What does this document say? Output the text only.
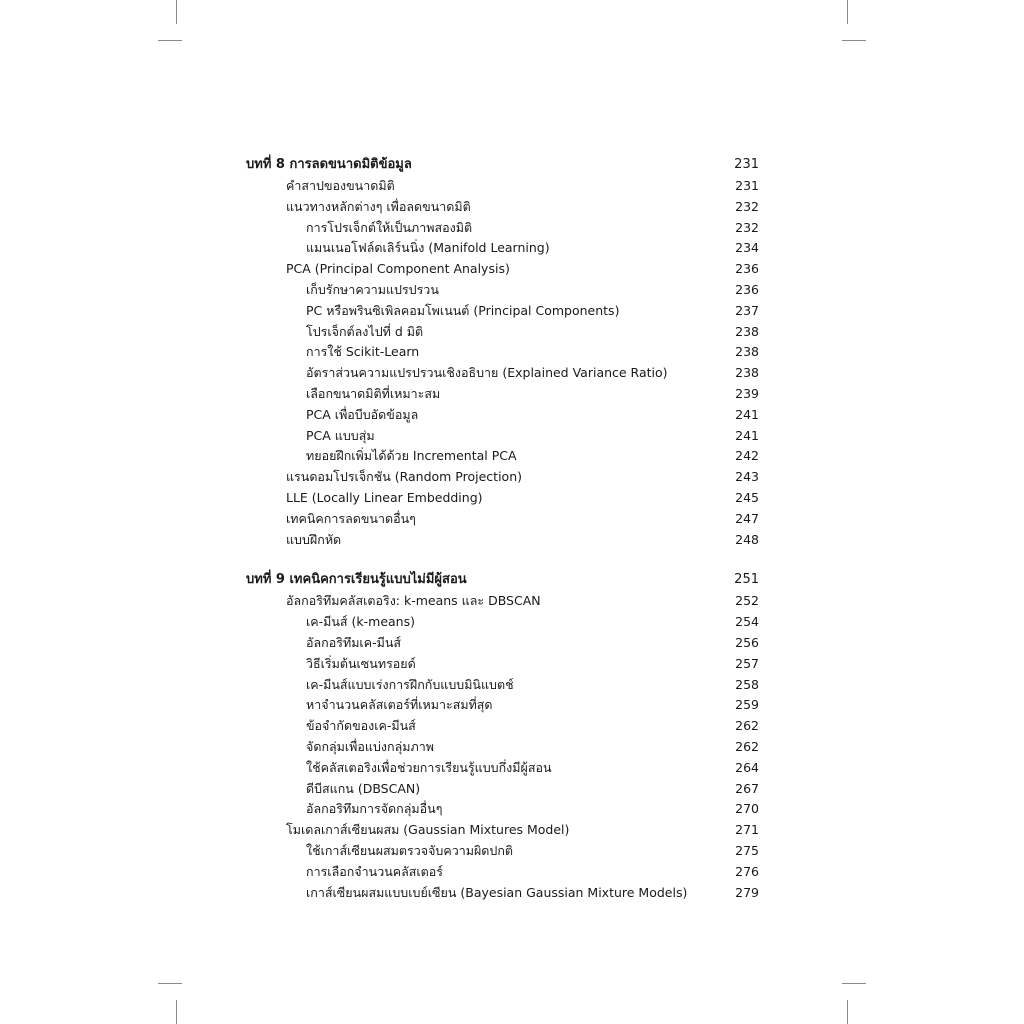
บทที่ 8 การลดขนาดมิติข้อมูล	231
คำสาปของขนาดมิติ	231
แนวทางหลักต่างๆ เพื่อลดขนาดมิติ	232
การโปรเจ็กต์ให้เป็นภาพสองมิติ	232
แมนเนอโฟล์ดเลิร์นนิ่ง (Manifold Learning)	234
PCA (Principal Component Analysis)	236
เก็บรักษาความแปรปรวน	236
PC หรือพรินซิเพิลคอมโพเนนต์ (Principal Components)	237
โปรเจ็กต์ลงไปที่ d มิติ	238
การใช้ Scikit-Learn	238
อัตราส่วนความแปรปรวนเชิงอธิบาย (Explained Variance Ratio)	238
เลือกขนาดมิติที่เหมาะสม	239
PCA เพื่อบีบอัดข้อมูล	241
PCA แบบสุ่ม	241
ทยอยฝึกเพิ่มได้ด้วย Incremental PCA	242
แรนดอมโปรเจ็กชัน (Random Projection)	243
LLE (Locally Linear Embedding)	245
เทคนิคการลดขนาดอื่นๆ	247
แบบฝึกหัด	248
บทที่ 9 เทคนิคการเรียนรู้แบบไม่มีผู้สอน	251
อัลกอริทึมคลัสเตอริง: k-means และ DBSCAN	252
เค-มีนส์ (k-means)	254
อัลกอริทึมเค-มีนส์	256
วิธีเริ่มต้นเซนทรอยด์	257
เค-มีนส์แบบเร่งการฝึกกับแบบมินิแบตช์	258
หาจำนวนคลัสเตอร์ที่เหมาะสมที่สุด	259
ข้อจำกัดของเค-มีนส์	262
จัดกลุ่มเพื่อแบ่งกลุ่มภาพ	262
ใช้คลัสเตอริงเพื่อช่วยการเรียนรู้แบบกึ่งมีผู้สอน	264
ดีบีสแกน (DBSCAN)	267
อัลกอริทึมการจัดกลุ่มอื่นๆ	270
โมเดลเกาส์เซียนผสม (Gaussian Mixtures Model)	271
ใช้เกาส์เซียนผสมตรวจจับความผิดปกติ	275
การเลือกจำนวนคลัสเตอร์	276
เกาส์เซียนผสมแบบเบย์เซียน (Bayesian Gaussian Mixture Models)	279
